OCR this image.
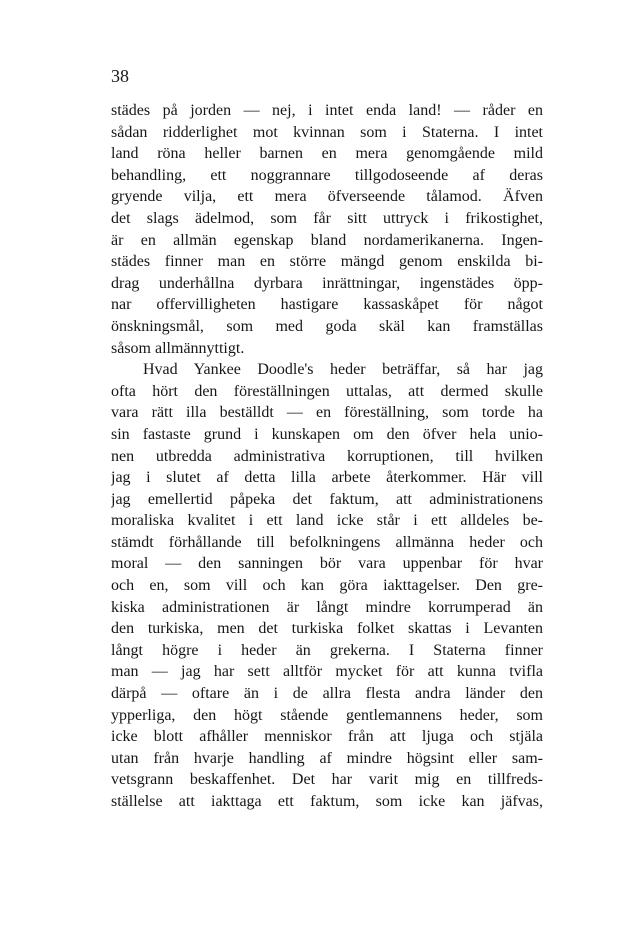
38
städes på jorden — nej, i intet enda land! — råder en
sådan ridderlighet mot kvinnan som i Staterna. I intet
land röna heller barnen en mera genomgående mild
behandling, ett noggrannare tillgodoseende af deras
gryende vilja, ett mera öfverseende tålamod. Äfven
det slags ädelmod, som får sitt uttryck i frikostighet,
är en allmän egenskap bland nordamerikanerna. Ingen-
städes finner man en större mängd genom enskilda bi-
drag underhållna dyrbara inrättningar, ingenstädes öpp-
nar offervilligheten hastigare kassaskåpet för något
önskningsmål, som med goda skäl kan framställas
såsom allmännyttigt.
Hvad Yankee Doodle's heder beträffar, så har jag
ofta hört den föreställningen uttalas, att dermed skulle
vara rätt illa beställdt — en föreställning, som torde ha
sin fastaste grund i kunskapen om den öfver hela unio-
nen utbredda administrativa korruptionen, till hvilken
jag i slutet af detta lilla arbete återkommer. Här vill
jag emellertid påpeka det faktum, att administrationens
moraliska kvalitet i ett land icke står i ett alldeles be-
stämdt förhållande till befolkningens allmänna heder och
moral — den sanningen bör vara uppenbar för hvar
och en, som vill och kan göra iakttagelser. Den gre-
kiska administrationen är långt mindre korrumperad än
den turkiska, men det turkiska folket skattas i Levanten
långt högre i heder än grekerna. I Staterna finner
man — jag har sett alltför mycket för att kunna tvifla
därpå — oftare än i de allra flesta andra länder den
ypperliga, den högt stående gentlemannens heder, som
icke blott afhåller menniskor från att ljuga och stjäla
utan från hvarje handling af mindre högsint eller sam-
vetsgrann beskaffenhet. Det har varit mig en tillfreds-
ställelse att iakttaga ett faktum, som icke kan jäfvas,
